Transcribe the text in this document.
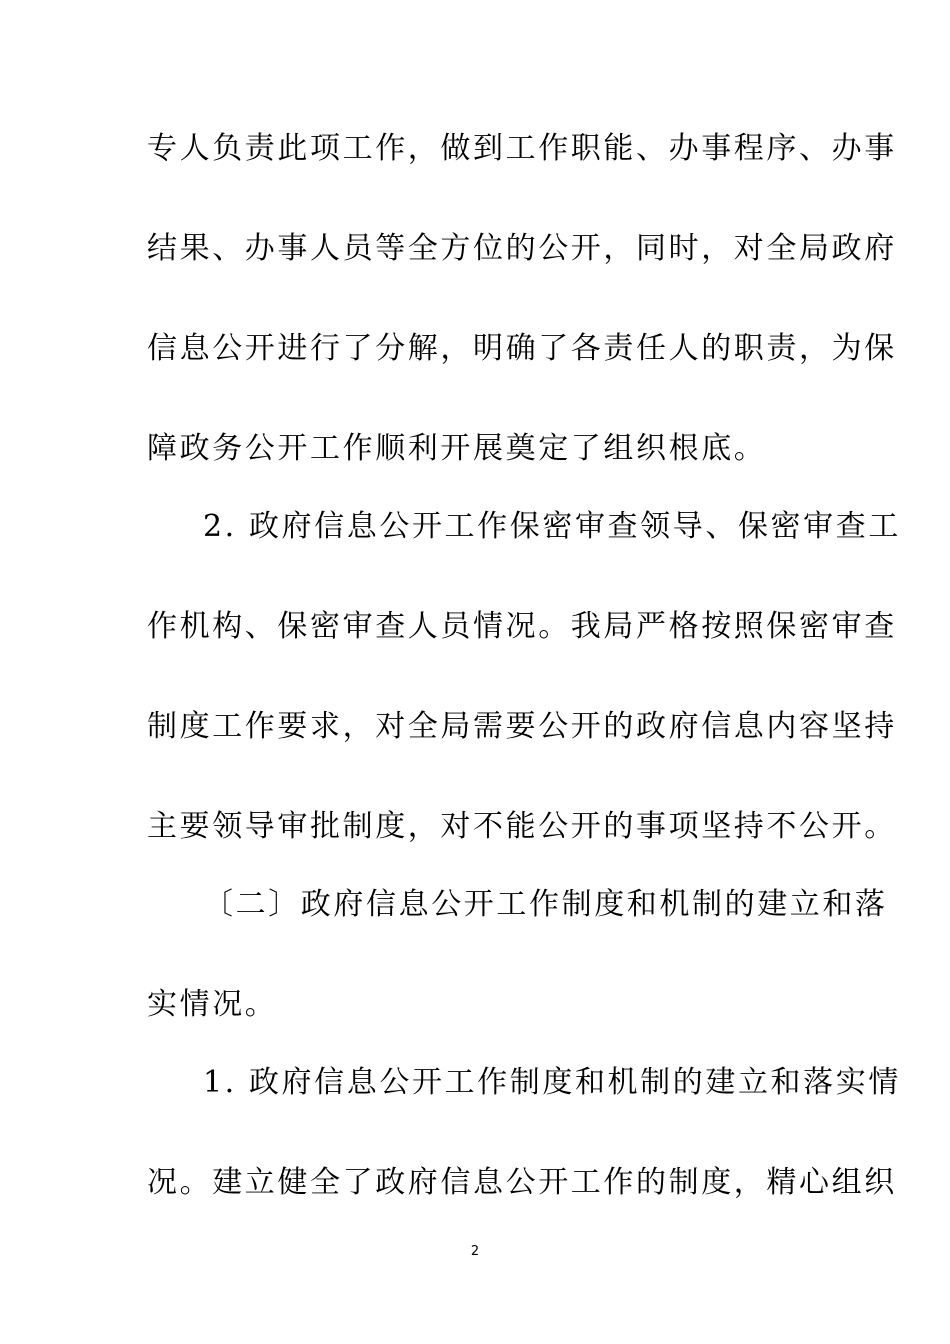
专人负责此项工作，做到工作职能、办事程序、办事
结果、办事人员等全方位的公开，同时，对全局政府
信息公开进行了分解，明确了各责任人的职责，为保
障政务公开工作顺利开展奠定了组织根底。
2. 政府信息公开工作保密审查领导、保密审查工
作机构、保密审查人员情况。我局严格按照保密审查
制度工作要求，对全局需要公开的政府信息内容坚持
主要领导审批制度，对不能公开的事项坚持不公开。
〔二〕政府信息公开工作制度和机制的建立和落
实情况。
1. 政府信息公开工作制度和机制的建立和落实情
况。建立健全了政府信息公开工作的制度，精心组织
2
